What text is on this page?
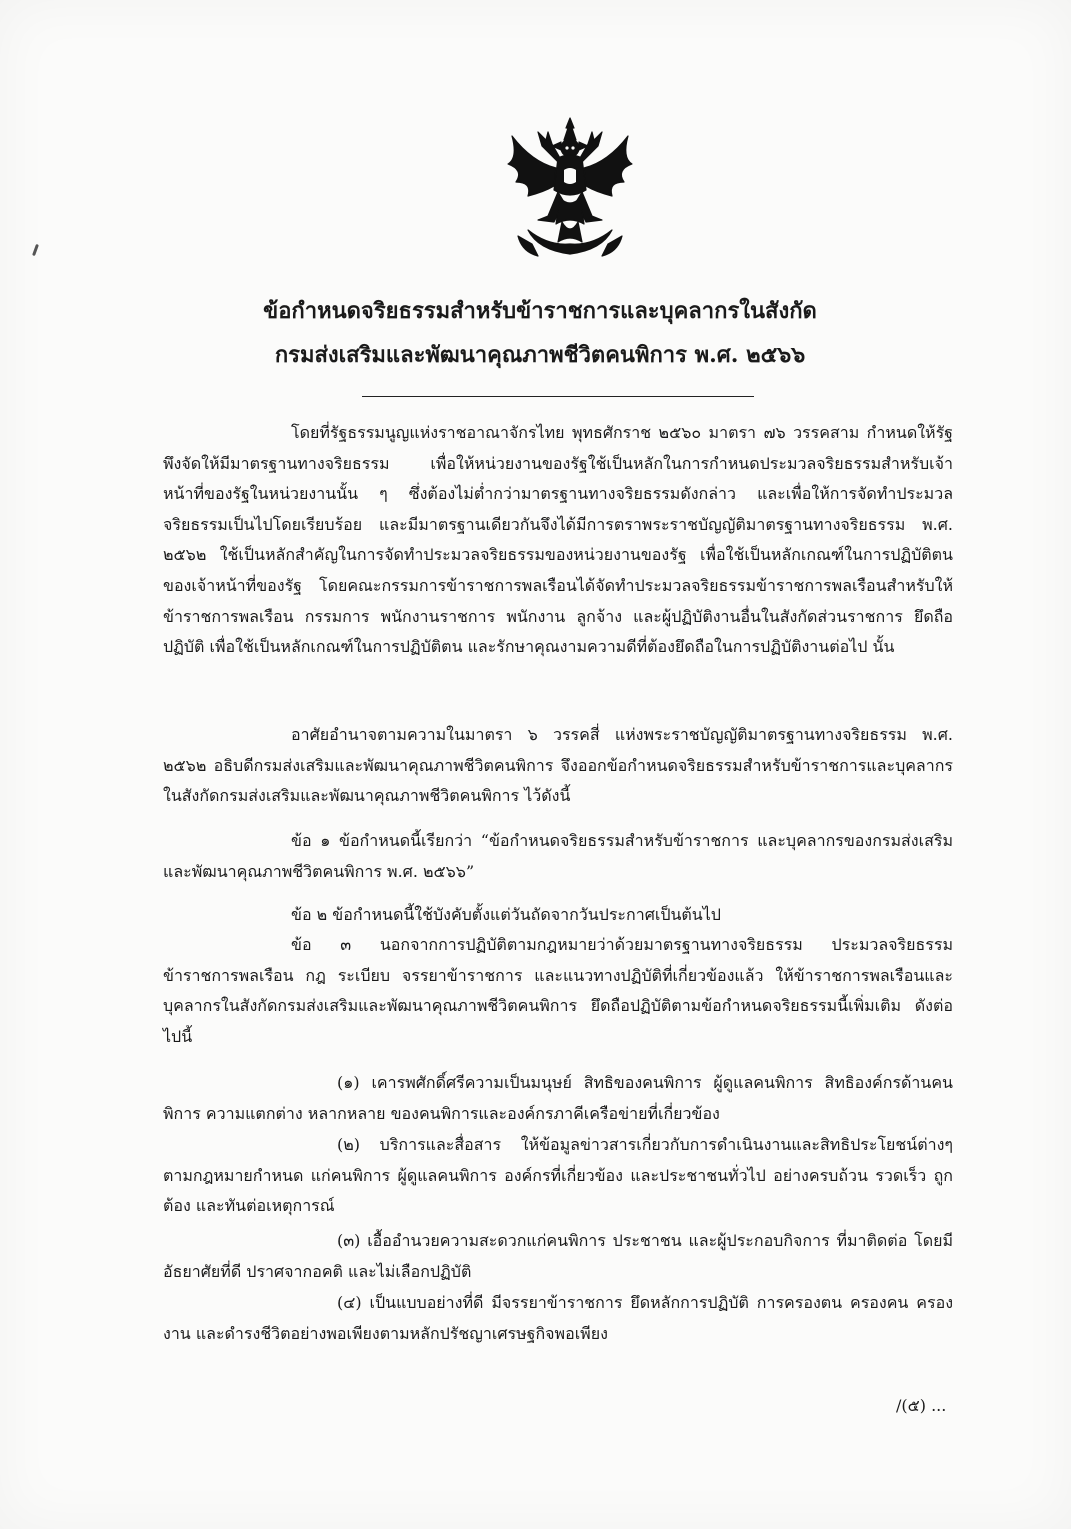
ข้อกำหนดจริยธรรมสำหรับข้าราชการและบุคลากรในสังกัด
กรมส่งเสริมและพัฒนาคุณภาพชีวิตคนพิการ พ.ศ. ๒๕๖๖

โดยที่รัฐธรรมนูญแห่งราชอาณาจักรไทย พุทธศักราช ๒๕๖๐ มาตรา ๗๖ วรรคสาม กำหนดให้รัฐพึงจัดให้มีมาตรฐานทางจริยธรรม เพื่อให้หน่วยงานของรัฐใช้เป็นหลักในการกำหนดประมวลจริยธรรมสำหรับเจ้าหน้าที่ของรัฐในหน่วยงานนั้น ๆ ซึ่งต้องไม่ต่ำกว่ามาตรฐานทางจริยธรรมดังกล่าว และเพื่อให้การจัดทำประมวลจริยธรรมเป็นไปโดยเรียบร้อย และมีมาตรฐานเดียวกันจึงได้มีการตราพระราชบัญญัติมาตรฐานทางจริยธรรม พ.ศ. ๒๕๖๒ ใช้เป็นหลักสำคัญในการจัดทำประมวลจริยธรรมของหน่วยงานของรัฐ เพื่อใช้เป็นหลักเกณฑ์ในการปฏิบัติตนของเจ้าหน้าที่ของรัฐ โดยคณะกรรมการข้าราชการพลเรือนได้จัดทำประมวลจริยธรรมข้าราชการพลเรือนสำหรับให้ข้าราชการพลเรือน กรรมการ พนักงานราชการ พนักงาน ลูกจ้าง และผู้ปฏิบัติงานอื่นในสังกัดส่วนราชการ ยึดถือปฏิบัติ เพื่อใช้เป็นหลักเกณฑ์ในการปฏิบัติตน และรักษาคุณงามความดีที่ต้องยึดถือในการปฏิบัติงานต่อไป นั้น

อาศัยอำนาจตามความในมาตรา ๖ วรรคสี่ แห่งพระราชบัญญัติมาตรฐานทางจริยธรรม พ.ศ. ๒๕๖๒ อธิบดีกรมส่งเสริมและพัฒนาคุณภาพชีวิตคนพิการ จึงออกข้อกำหนดจริยธรรมสำหรับข้าราชการและบุคลากรในสังกัดกรมส่งเสริมและพัฒนาคุณภาพชีวิตคนพิการ ไว้ดังนี้

ข้อ ๑ ข้อกำหนดนี้เรียกว่า “ข้อกำหนดจริยธรรมสำหรับข้าราชการ และบุคลากรของกรมส่งเสริมและพัฒนาคุณภาพชีวิตคนพิการ พ.ศ. ๒๕๖๖”

ข้อ ๒ ข้อกำหนดนี้ใช้บังคับตั้งแต่วันถัดจากวันประกาศเป็นต้นไป

ข้อ ๓ นอกจากการปฏิบัติตามกฎหมายว่าด้วยมาตรฐานทางจริยธรรม ประมวลจริยธรรมข้าราชการพลเรือน กฎ ระเบียบ จรรยาข้าราชการ และแนวทางปฏิบัติที่เกี่ยวข้องแล้ว ให้ข้าราชการพลเรือนและบุคลากรในสังกัดกรมส่งเสริมและพัฒนาคุณภาพชีวิตคนพิการ ยึดถือปฏิบัติตามข้อกำหนดจริยธรรมนี้เพิ่มเติม ดังต่อไปนี้

(๑) เคารพศักดิ์ศรีความเป็นมนุษย์ สิทธิของคนพิการ ผู้ดูแลคนพิการ สิทธิองค์กรด้านคนพิการ ความแตกต่าง หลากหลาย ของคนพิการและองค์กรภาคีเครือข่ายที่เกี่ยวข้อง

(๒) บริการและสื่อสาร ให้ข้อมูลข่าวสารเกี่ยวกับการดำเนินงานและสิทธิประโยชน์ต่างๆ ตามกฎหมายกำหนด แก่คนพิการ ผู้ดูแลคนพิการ องค์กรที่เกี่ยวข้อง และประชาชนทั่วไป อย่างครบถ้วน รวดเร็ว ถูกต้อง และทันต่อเหตุการณ์

(๓) เอื้ออำนวยความสะดวกแก่คนพิการ ประชาชน และผู้ประกอบกิจการ ที่มาติดต่อ โดยมีอัธยาศัยที่ดี ปราศจากอคติ และไม่เลือกปฏิบัติ

(๔) เป็นแบบอย่างที่ดี มีจรรยาข้าราชการ ยึดหลักการปฏิบัติ การครองตน ครองคน ครองงาน และดำรงชีวิตอย่างพอเพียงตามหลักปรัชญาเศรษฐกิจพอเพียง

/(๕) ...
